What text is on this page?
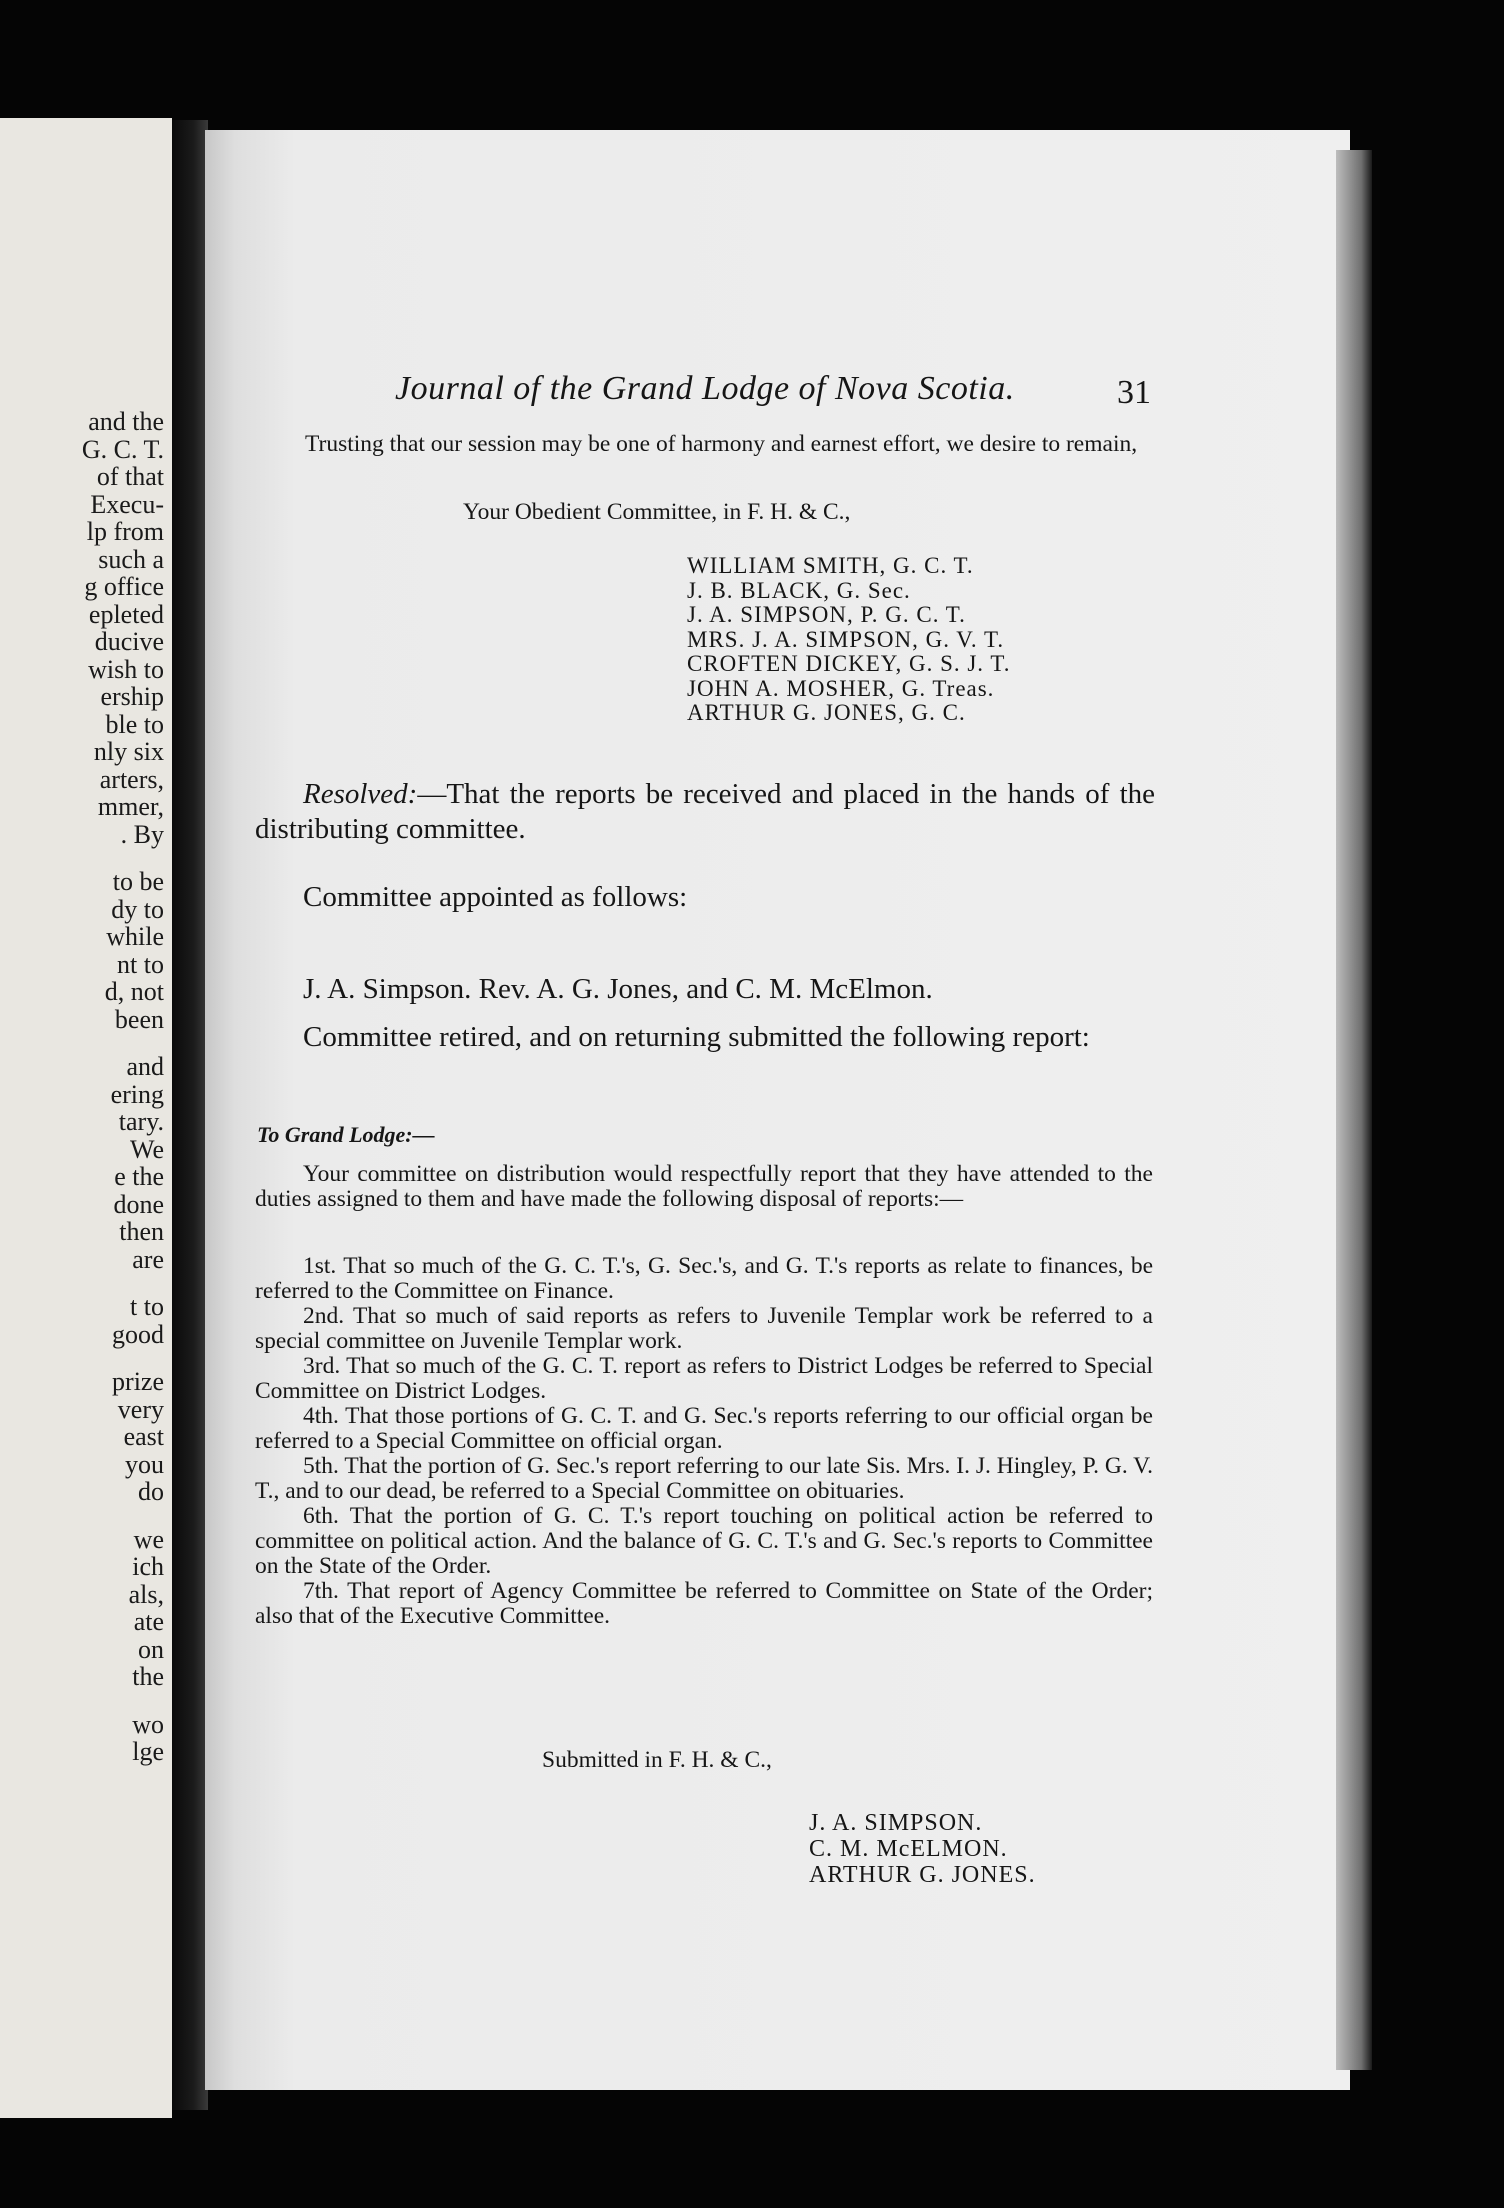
and the
G. C. T.
of that
Execu-
lp from
such a
g office
epleted
ducive
wish to
ership
ble to
nly six
arters,
mmer,
. By
to be
dy to
while
nt to
d, not
been
and
ering
tary.
We
e the
done
then
are
t to
good
prize
very
east
you
do
we
ich
als,
ate
on
the
wo
lge
Journal of the Grand Lodge of Nova Scotia.	31
Trusting that our session may be one of harmony and earnest effort, we desire to remain,
Your Obedient Committee, in F. H. & C.,
WILLIAM SMITH, G. C. T.
J. B. BLACK, G. Sec.
J. A. SIMPSON, P. G. C. T.
MRS. J. A. SIMPSON, G. V. T.
CROFTEN DICKEY, G. S. J. T.
JOHN A. MOSHER, G. Treas.
ARTHUR G. JONES, G. C.
Resolved:—That the reports be received and placed in the hands of the distributing committee.
Committee appointed as follows:
J. A. Simpson. Rev. A. G. Jones, and C. M. McElmon.
Committee retired, and on returning submitted the following report:
To Grand Lodge:—
Your committee on distribution would respectfully report that they have attended to the duties assigned to them and have made the following disposal of reports:—

1st. That so much of the G. C. T.'s, G. Sec.'s, and G. T.'s reports as relate to finances, be referred to the Committee on Finance.

2nd. That so much of said reports as refers to Juvenile Templar work be referred to a special committee on Juvenile Templar work.

3rd. That so much of the G. C. T. report as refers to District Lodges be referred to Special Committee on District Lodges.

4th. That those portions of G. C. T. and G. Sec.'s reports referring to our official organ be referred to a Special Committee on official organ.

5th. That the portion of G. Sec.'s report referring to our late Sis. Mrs. I. J. Hingley, P. G. V. T., and to our dead, be referred to a Special Committee on obituaries.

6th. That the portion of G. C. T.'s report touching on political action be referred to committee on political action. And the balance of G. C. T.'s and G. Sec.'s reports to Committee on the State of the Order.

7th. That report of Agency Committee be referred to Committee on State of the Order; also that of the Executive Committee.

Submitted in F. H. & C.,
J. A. SIMPSON.
C. M. McELMON.
ARTHUR G. JONES.
